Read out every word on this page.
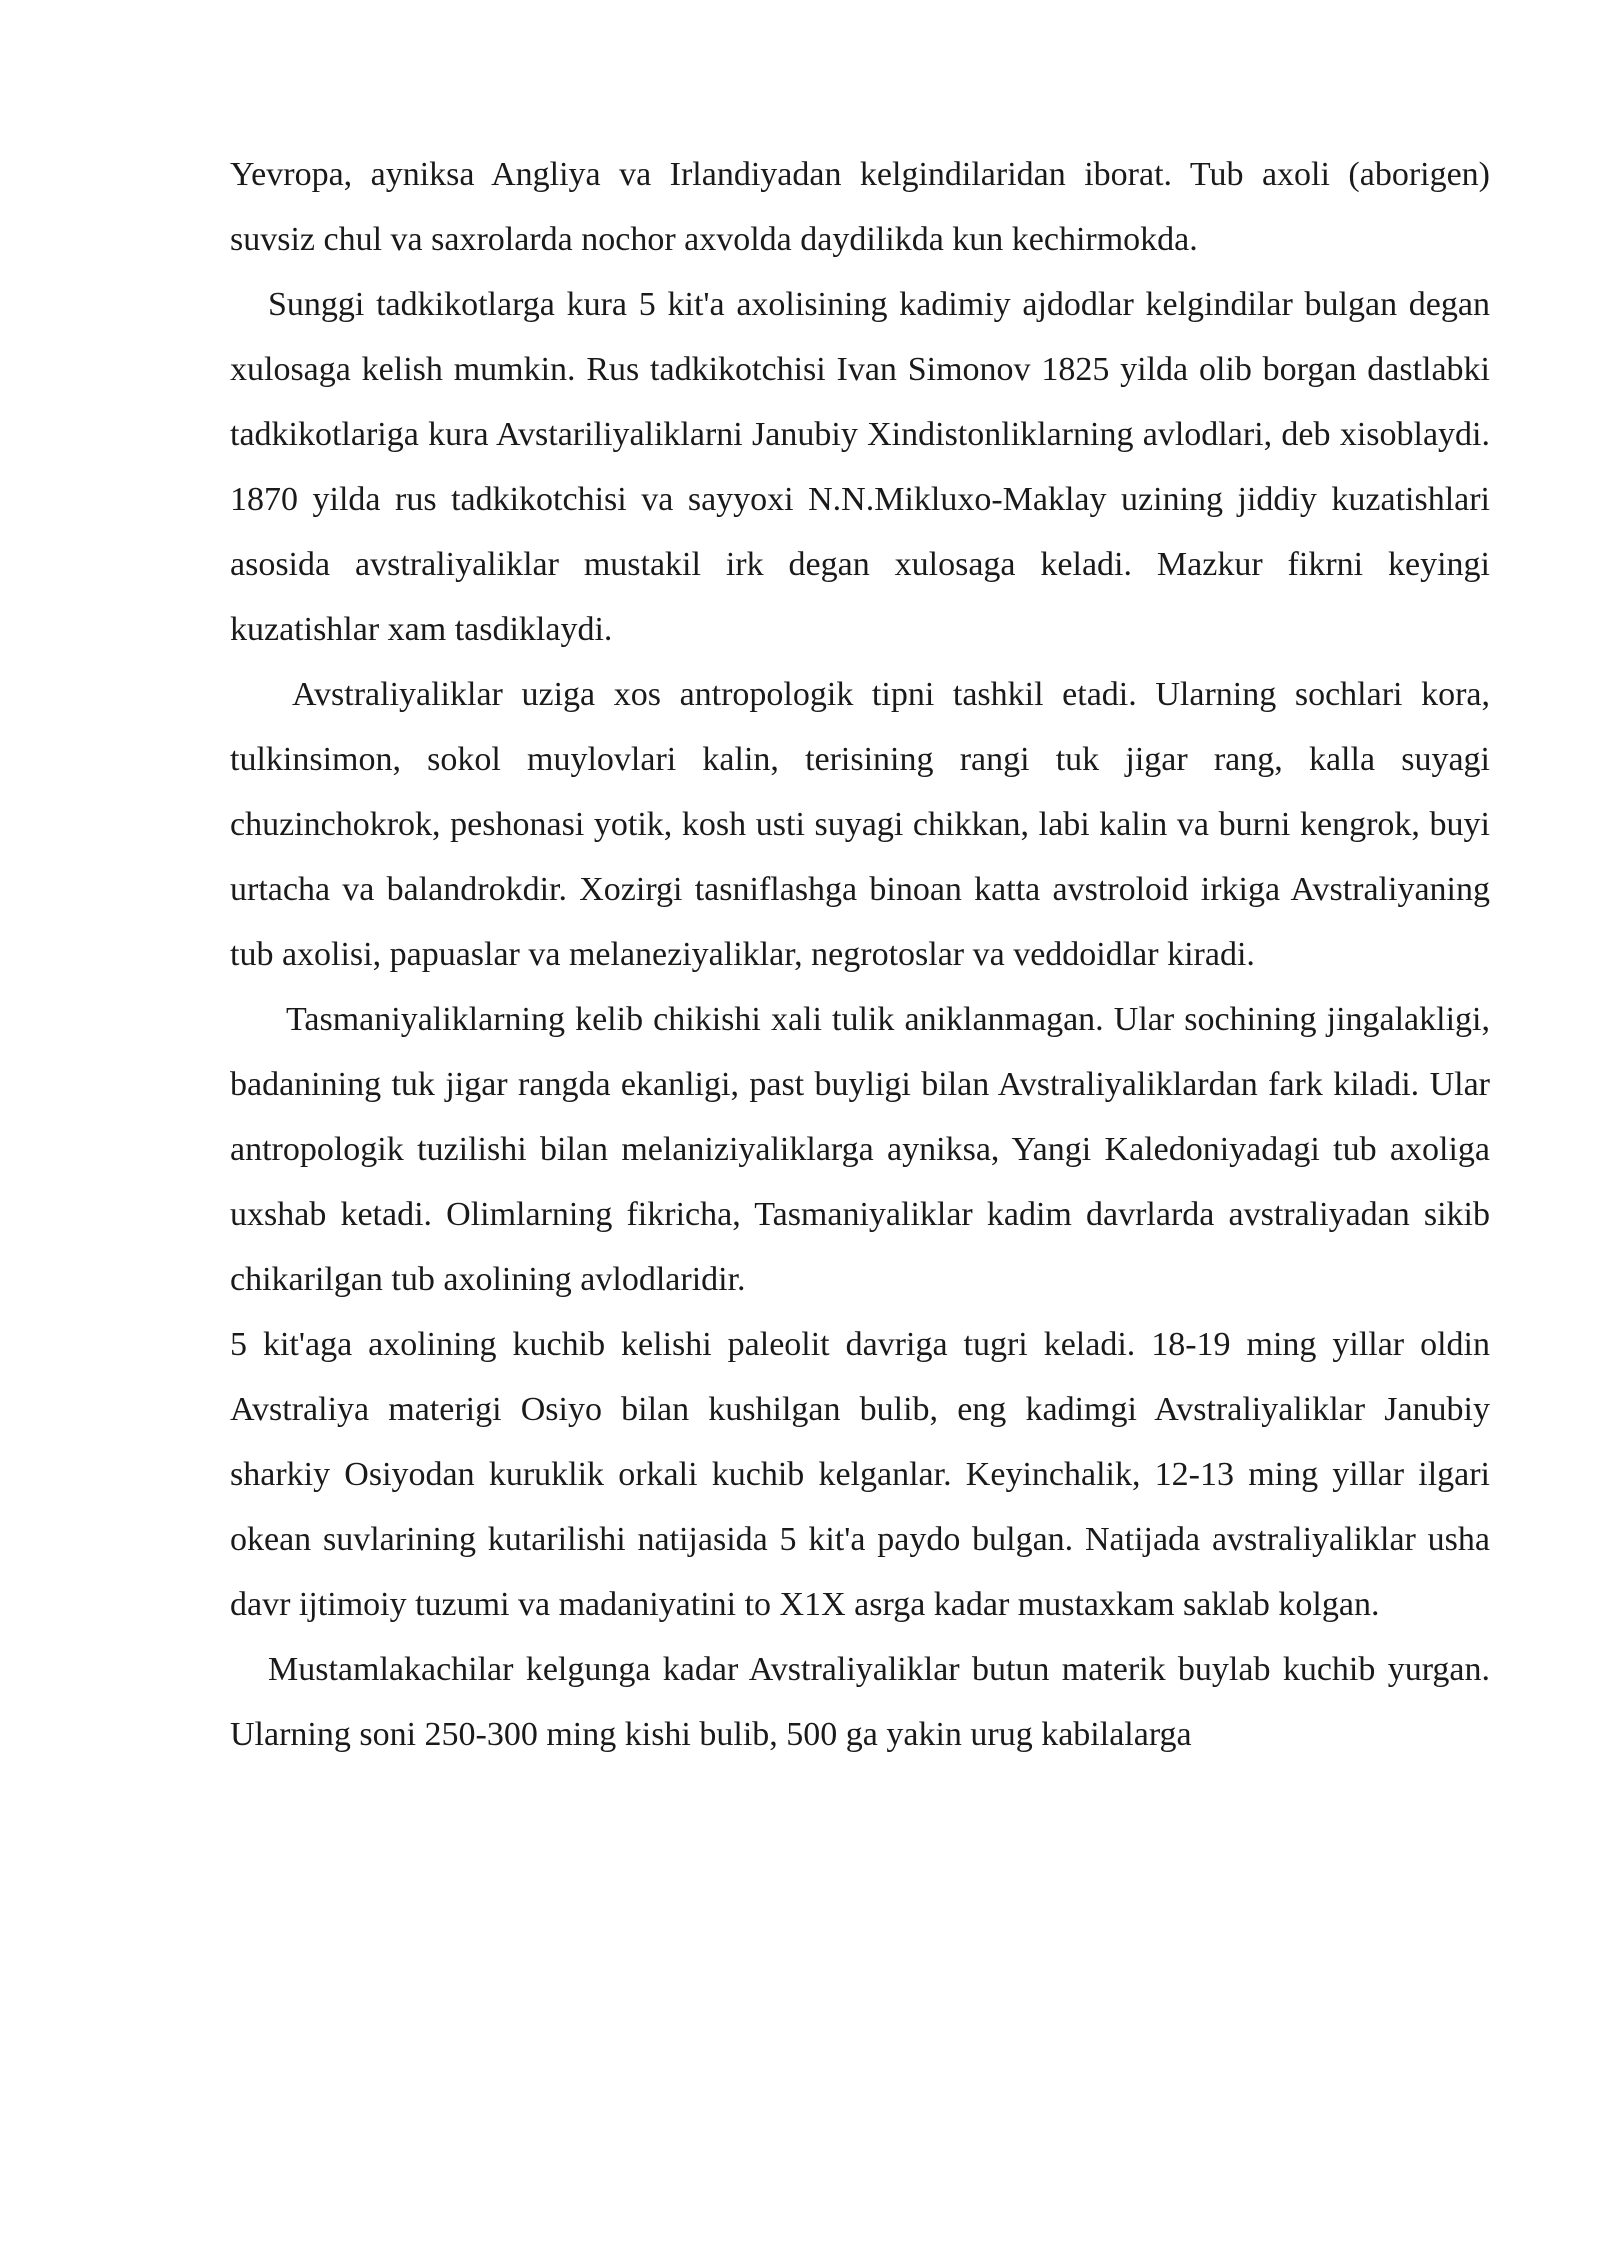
Yevropa, ayniksa Angliya va Irlandiyadan kelgindilaridan iborat. Tub axoli (aborigen) suvsiz chul va saxrolarda nochor axvolda daydilikda kun kechirmokda.

Sunggi tadkikotlarga kura 5 kit'a axolisining kadimiy ajdodlar kelgindilar bulgan degan xulosaga kelish mumkin. Rus tadkikotchisi Ivan Simonov 1825 yilda olib borgan dastlabki tadkikotlariga kura Avstariliyaliklarni Janubiy Xindistonliklarning avlodlari, deb xisoblaydi. 1870 yilda rus tadkikotchisi va sayyoxi N.N.Mikluxo-Maklay uzining jiddiy kuzatishlari asosida avstraliyaliklar mustakil irk degan xulosaga keladi. Mazkur fikrni keyingi kuzatishlar xam tasdiklaydi.

Avstraliyaliklar uziga xos antropologik tipni tashkil etadi. Ularning sochlari kora, tulkinsimon, sokol muylovlari kalin, terisining rangi tuk jigar rang, kalla suyagi chuzinchokrok, peshonasi yotik, kosh usti suyagi chikkan, labi kalin va burni kengrok, buyi urtacha va balandrokdir. Xozirgi tasniflashga binoan katta avstroloid irkiga Avstraliyaning tub axolisi, papuaslar va melaneziyaliklar, negrotoslar va veddoidlar kiradi.

Tasmaniyaliklarning kelib chikishi xali tulik aniklanmagan. Ular sochining jingalakligi, badanining tuk jigar rangda ekanligi, past buyligi bilan Avstraliyaliklardan fark kiladi. Ular antropologik tuzilishi bilan melaniziyaliklarga ayniksa, Yangi Kaledoniyadagi tub axoliga uxshab ketadi. Olimlarning fikricha, Tasmaniyaliklar kadim davrlarda avstraliyadan sikib chikarilgan tub axolining avlodlaridir.

5 kit'aga axolining kuchib kelishi paleolit davriga tugri keladi. 18-19 ming yillar oldin Avstraliya materigi Osiyo bilan kushilgan bulib, eng kadimgi Avstraliyaliklar Janubiy sharkiy Osiyodan kuruklik orkali kuchib kelganlar. Keyinchalik, 12-13 ming yillar ilgari okean suvlarining kutarilishi natijasida 5 kit'a paydo bulgan. Natijada avstraliyaliklar usha davr ijtimoiy tuzumi va madaniyatini to X1X asrga kadar mustaxkam saklab kolgan.

Mustamlakachilar kelgunga kadar Avstraliyaliklar butun materik buylab kuchib yurgan. Ularning soni 250-300 ming kishi bulib, 500 ga yakin urug kabilalarga
